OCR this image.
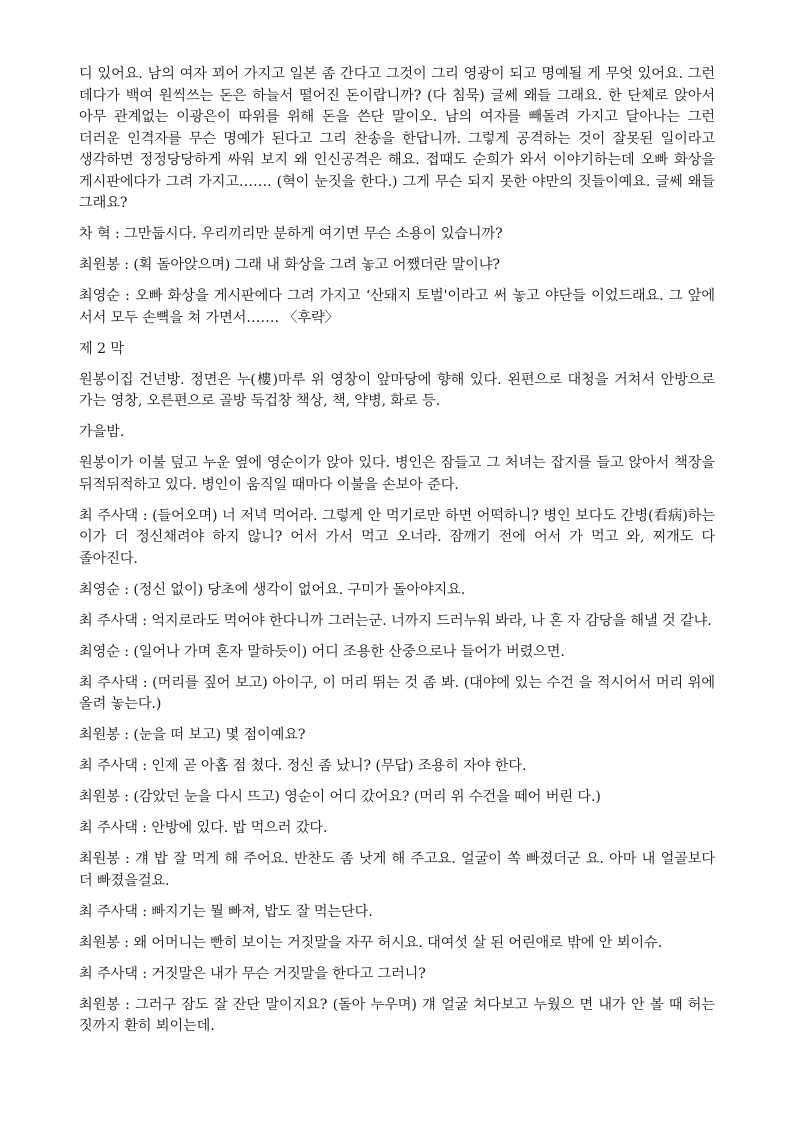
디 있어요. 남의 여자 꾀어 가지고 일본 좀 간다고 그것이 그리 영광이 되고 명예될 게 무엇 있어요. 그런 데다가 백여 원씩쓰는 돈은 하늘서 떨어진 돈이랍니까? (다 침묵) 글쎄 왜들 그래요. 한 단체로 앉아서 아무 관계없는 이광은이 따위를 위해 돈을 쓴단 말이오. 남의 여자를 빼돌려 가지고 달아나는 그런 더러운 인격자를 무슨 명예가 된다고 그리 찬송을 한답니까. 그렇게 공격하는 것이 잘못된 일이라고 생각하면 정정당당하게 싸워 보지 왜 인신공격은 해요. 접때도 순희가 와서 이야기하는데 오빠 화상을 게시판에다가 그려 가지고……. (혁이 눈짓을 한다.) 그게 무슨 되지 못한 야만의 짓들이예요. 글쎄 왜들 그래요?

차 혁 : 그만둡시다. 우리끼리만 분하게 여기면 무슨 소용이 있습니까?

최원봉 : (획 돌아앉으며) 그래 내 화상을 그려 놓고 어쨌더란 말이냐?

최영순 : 오빠 화상을 게시판에다 그려 가지고 ‘산돼지 토벌'이라고 써 놓고 야단들 이었드래요. 그 앞에 서서 모두 손뼉을 쳐 가면서……. 〈후략〉

제 2 막

원봉이집 건넌방. 정면은 누(樓)마루 위 영창이 앞마당에 향해 있다. 왼편으로 대청을 거쳐서 안방으로 가는 영창, 오른편으로 골방 둑겁창 책상, 책, 약병, 화로 등.

가을밤.

원봉이가 이불 덮고 누운 옆에 영순이가 앉아 있다. 병인은 잠들고 그 처녀는 잡지를 들고 앉아서 책장을 뒤적뒤적하고 있다. 병인이 움직일 때마다 이불을 손보아 준다.

최 주사댁 : (들어오며) 너 저녁 먹어라. 그렇게 안 먹기로만 하면 어떡하니? 병인 보다도 간병(看病)하는 이가 더 정신채려야 하지 않니? 어서 가서 먹고 오너라. 잠깨기 전에 어서 가 먹고 와, 찌개도 다 졸아진다.

최영순 : (정신 없이) 당초에 생각이 없어요. 구미가 돌아야지요.

최 주사댁 : 억지로라도 먹어야 한다니까 그러는군. 너까지 드러누워 봐라, 나 혼 자 감당을 해낼 것 같냐.

최영순 : (일어나 가며 혼자 말하듯이) 어디 조용한 산중으로나 들어가 버렸으면.

최 주사댁 : (머리를 짚어 보고) 아이구, 이 머리 뛰는 것 좀 봐. (대야에 있는 수건 을 적시어서 머리 위에 올려 놓는다.)

최원봉 : (눈을 떠 보고) 몇 점이예요?

최 주사댁 : 인제 곧 아홉 점 쳤다. 정신 좀 났니? (무답) 조용히 자야 한다.

최원봉 : (감았던 눈을 다시 뜨고) 영순이 어디 갔어요? (머리 위 수건을 떼어 버린 다.)

최 주사댁 : 안방에 있다. 밥 먹으러 갔다.

최원봉 : 걔 밥 잘 먹게 해 주어요. 반찬도 좀 낫게 해 주고요. 얼굴이 쏙 빠졌더군 요. 아마 내 얼골보다 더 빠졌을걸요.

최 주사댁 : 빠지기는 뭘 빠져, 밥도 잘 먹는단다.

최원봉 : 왜 어머니는 빤히 보이는 거짓말을 자꾸 허시요. 대여섯 살 된 어린애로 밖에 안 뵈이슈.

최 주사댁 : 거짓말은 내가 무슨 거짓말을 한다고 그러니?

최원봉 : 그러구 잠도 잘 잔단 말이지요? (돌아 누우며) 걔 얼굴 쳐다보고 누웠으 면 내가 안 볼 때 허는 짓까지 환히 뵈이는데.
